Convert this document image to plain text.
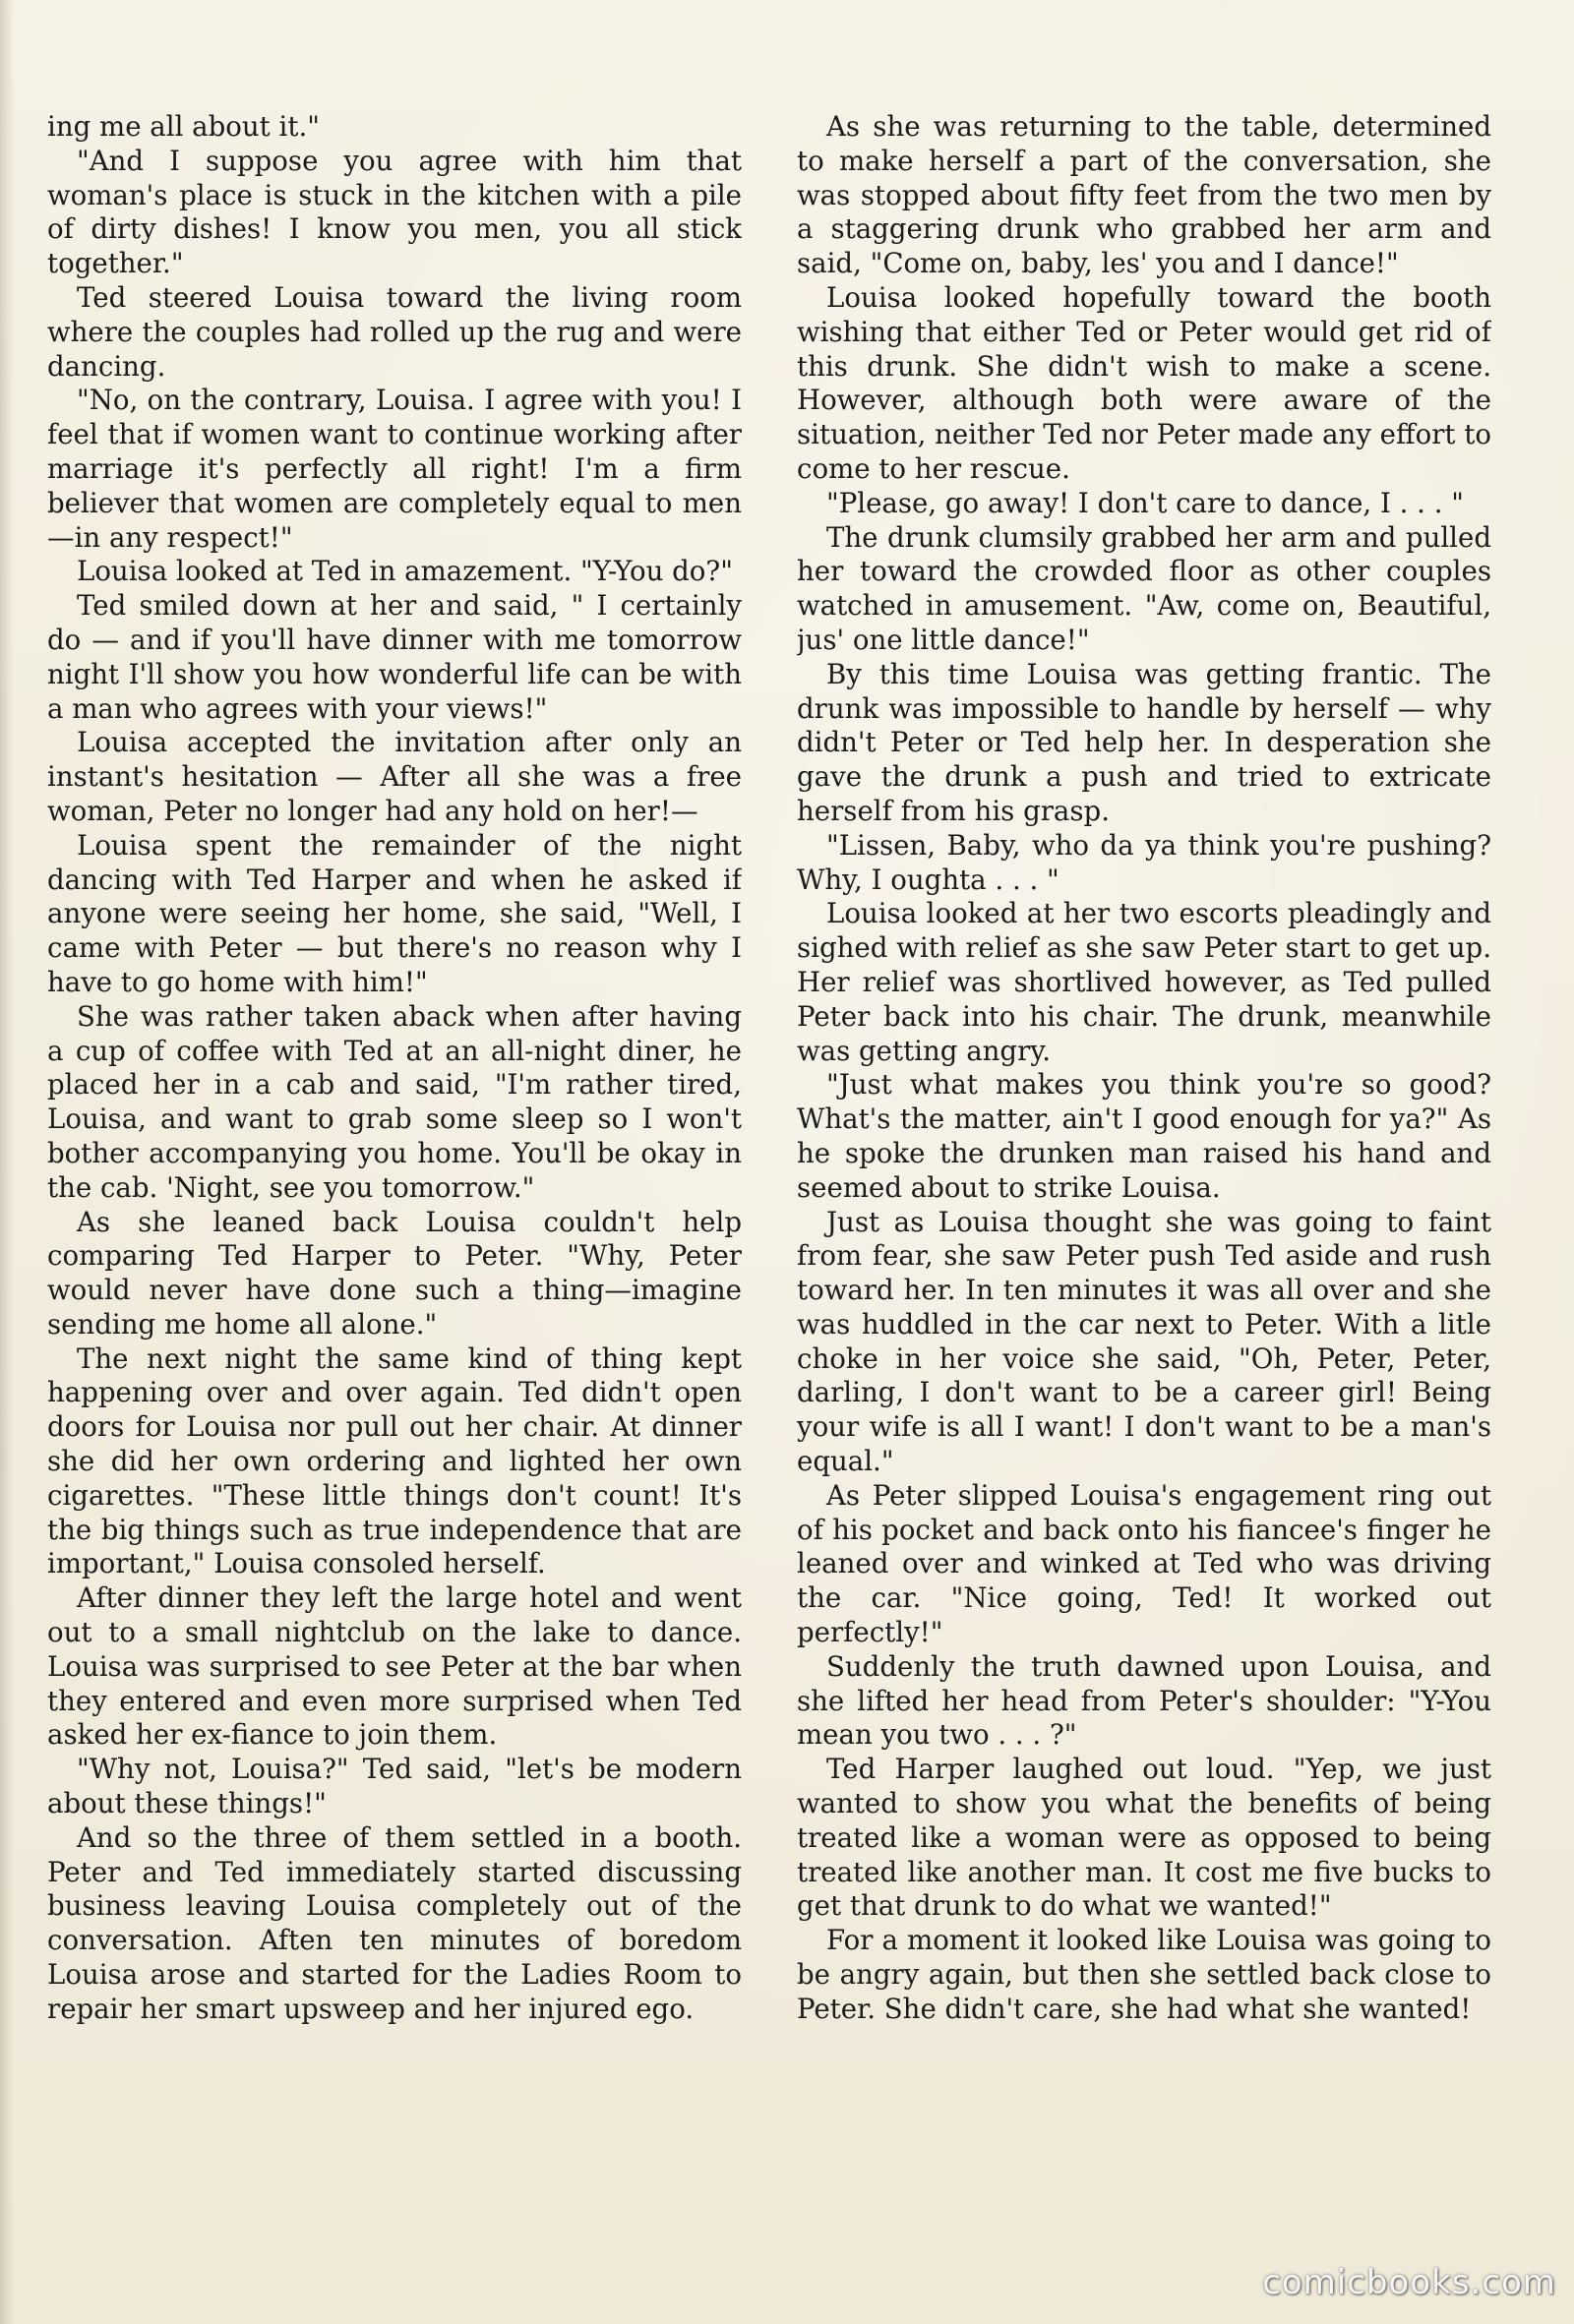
ing me all about it."

"And I suppose you agree with him that woman's place is stuck in the kitchen with a pile of dirty dishes! I know you men, you all stick together."

Ted steered Louisa toward the living room where the couples had rolled up the rug and were dancing.

"No, on the contrary, Louisa. I agree with you! I feel that if women want to continue working after marriage it's perfectly all right! I'm a firm believer that women are completely equal to men—in any respect!"

Louisa looked at Ted in amazement. "Y-You do?"

Ted smiled down at her and said, " I certainly do — and if you'll have dinner with me tomorrow night I'll show you how wonderful life can be with a man who agrees with your views!"

Louisa accepted the invitation after only an instant's hesitation — After all she was a free woman, Peter no longer had any hold on her!—

Louisa spent the remainder of the night dancing with Ted Harper and when he asked if anyone were seeing her home, she said, "Well, I came with Peter — but there's no reason why I have to go home with him!"

She was rather taken aback when after having a cup of coffee with Ted at an all-night diner, he placed her in a cab and said, "I'm rather tired, Louisa, and want to grab some sleep so I won't bother accompanying you home. You'll be okay in the cab. 'Night, see you tomorrow."

As she leaned back Louisa couldn't help comparing Ted Harper to Peter. "Why, Peter would never have done such a thing—imagine sending me home all alone."

The next night the same kind of thing kept happening over and over again. Ted didn't open doors for Louisa nor pull out her chair. At dinner she did her own ordering and lighted her own cigarettes. "These little things don't count! It's the big things such as true independence that are important," Louisa consoled herself.

After dinner they left the large hotel and went out to a small nightclub on the lake to dance. Louisa was surprised to see Peter at the bar when they entered and even more surprised when Ted asked her ex-fiance to join them.

"Why not, Louisa?" Ted said, "let's be modern about these things!"

And so the three of them settled in a booth. Peter and Ted immediately started discussing business leaving Louisa completely out of the conversation. Aften ten minutes of boredom Louisa arose and started for the Ladies Room to repair her smart upsweep and her injured ego.

As she was returning to the table, determined to make herself a part of the conversation, she was stopped about fifty feet from the two men by a staggering drunk who grabbed her arm and said, "Come on, baby, les' you and I dance!"

Louisa looked hopefully toward the booth wishing that either Ted or Peter would get rid of this drunk. She didn't wish to make a scene. However, although both were aware of the situation, neither Ted nor Peter made any effort to come to her rescue.

"Please, go away! I don't care to dance, I . . . "

The drunk clumsily grabbed her arm and pulled her toward the crowded floor as other couples watched in amusement. "Aw, come on, Beautiful, jus' one little dance!"

By this time Louisa was getting frantic. The drunk was impossible to handle by herself — why didn't Peter or Ted help her. In desperation she gave the drunk a push and tried to extricate herself from his grasp.

"Lissen, Baby, who da ya think you're pushing? Why, I oughta . . . "

Louisa looked at her two escorts pleadingly and sighed with relief as she saw Peter start to get up. Her relief was shortlived however, as Ted pulled Peter back into his chair. The drunk, meanwhile was getting angry.

"Just what makes you think you're so good? What's the matter, ain't I good enough for ya?" As he spoke the drunken man raised his hand and seemed about to strike Louisa.

Just as Louisa thought she was going to faint from fear, she saw Peter push Ted aside and rush toward her. In ten minutes it was all over and she was huddled in the car next to Peter. With a litle choke in her voice she said, "Oh, Peter, Peter, darling, I don't want to be a career girl! Being your wife is all I want! I don't want to be a man's equal."

As Peter slipped Louisa's engagement ring out of his pocket and back onto his fiancee's finger he leaned over and winked at Ted who was driving the car. "Nice going, Ted! It worked out perfectly!"

Suddenly the truth dawned upon Louisa, and she lifted her head from Peter's shoulder: "Y-You mean you two . . . ?"

Ted Harper laughed out loud. "Yep, we just wanted to show you what the benefits of being treated like a woman were as opposed to being treated like another man. It cost me five bucks to get that drunk to do what we wanted!"

For a moment it looked like Louisa was going to be angry again, but then she settled back close to Peter. She didn't care, she had what she wanted!

comicbooks.com
